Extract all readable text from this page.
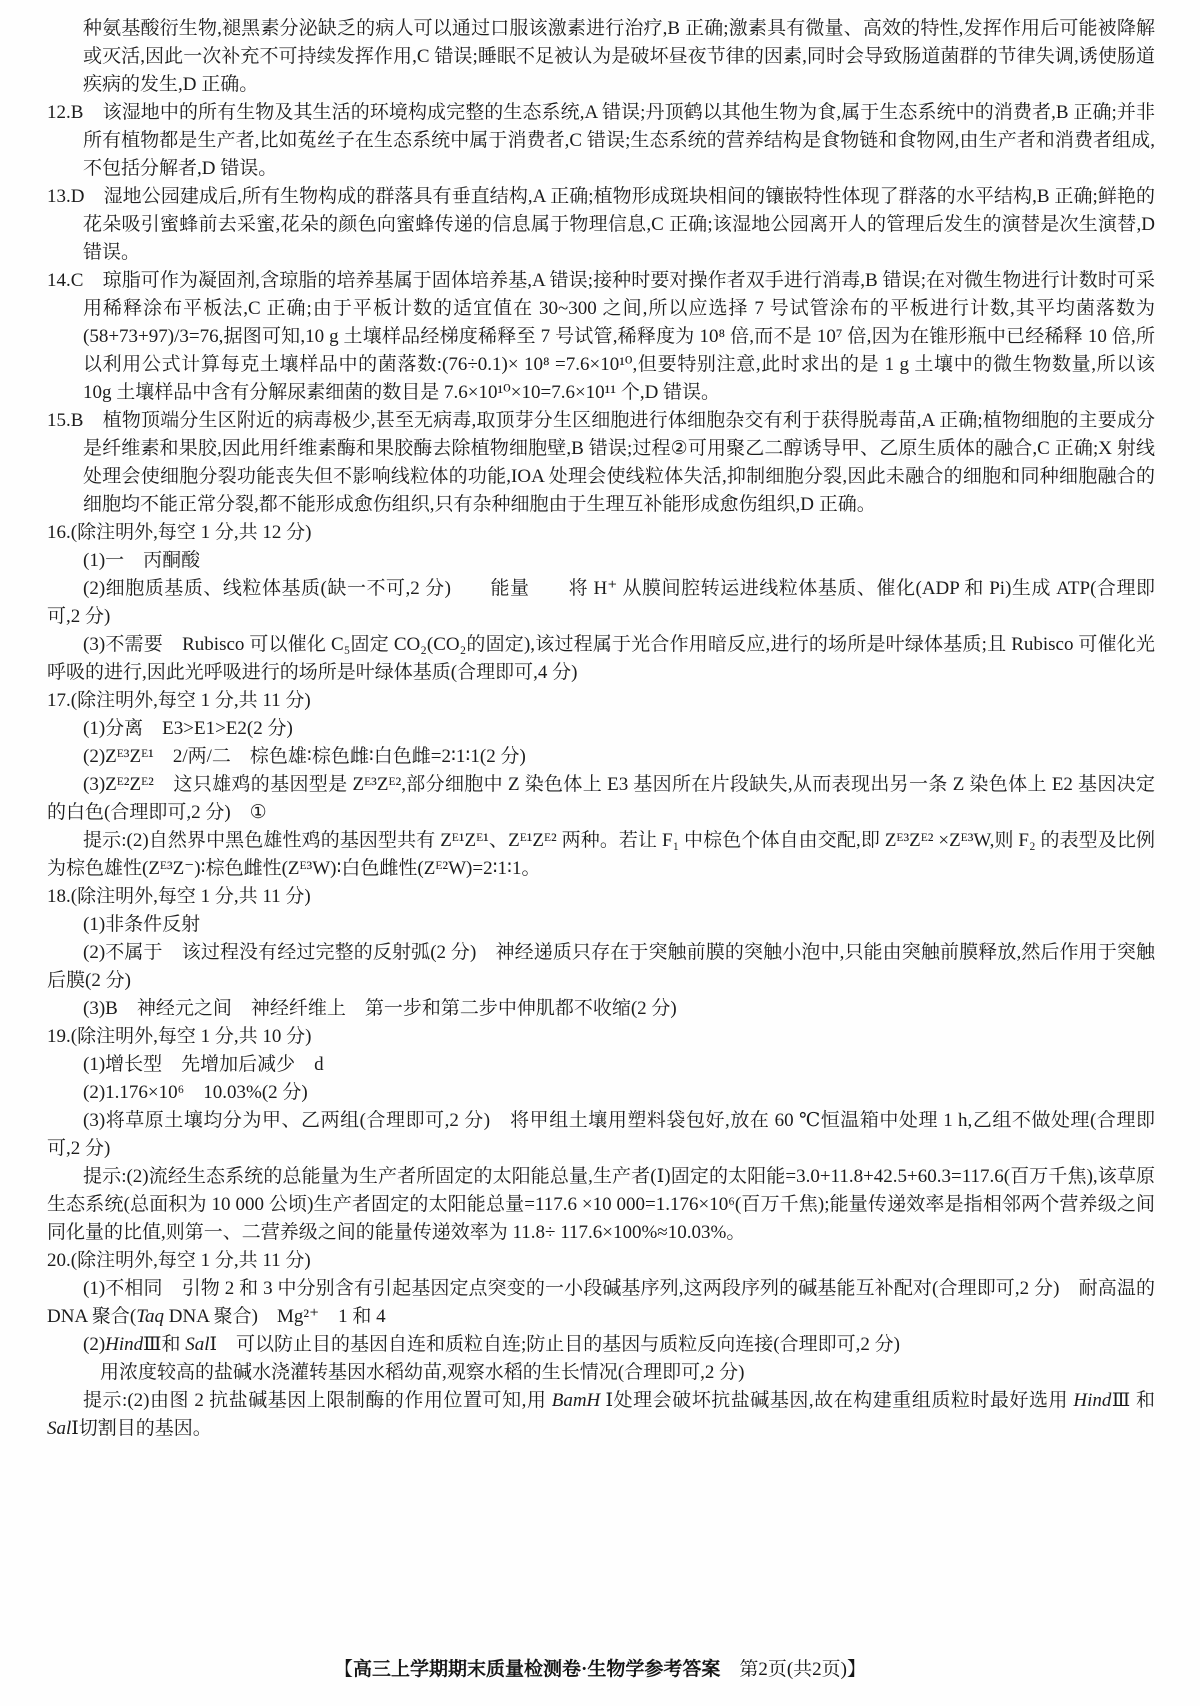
种氨基酸衍生物,褪黑素分泌缺乏的病人可以通过口服该激素进行治疗,B 正确;激素具有微量、高效的特性,发挥作用后可能被降解或灭活,因此一次补充不可持续发挥作用,C 错误;睡眠不足被认为是破坏昼夜节律的因素,同时会导致肠道菌群的节律失调,诱使肠道疾病的发生,D 正确。
12.B　该湿地中的所有生物及其生活的环境构成完整的生态系统,A 错误;丹顶鹤以其他生物为食,属于生态系统中的消费者,B 正确;并非所有植物都是生产者,比如菟丝子在生态系统中属于消费者,C 错误;生态系统的营养结构是食物链和食物网,由生产者和消费者组成,不包括分解者,D 错误。
13.D　湿地公园建成后,所有生物构成的群落具有垂直结构,A 正确;植物形成斑块相间的镶嵌特性体现了群落的水平结构,B 正确;鲜艳的花朵吸引蜜蜂前去采蜜,花朵的颜色向蜜蜂传递的信息属于物理信息,C 正确;该湿地公园离开人的管理后发生的演替是次生演替,D 错误。
14.C　琼脂可作为凝固剂,含琼脂的培养基属于固体培养基,A 错误;接种时要对操作者双手进行消毒,B 错误;在对微生物进行计数时可采用稀释涂布平板法,C 正确;由于平板计数的适宜值在 30~300 之间,所以应选择 7 号试管涂布的平板进行计数,其平均菌落数为(58+73+97)/3=76,据图可知,10 g 土壤样品经梯度稀释至 7 号试管,稀释度为 10⁸ 倍,而不是 10⁷ 倍,因为在锥形瓶中已经稀释 10 倍,所以利用公式计算每克土壤样品中的菌落数:(76÷0.1)× 10⁸ =7.6×10¹⁰,但要特别注意,此时求出的是 1 g 土壤中的微生物数量,所以该 10g 土壤样品中含有分解尿素细菌的数目是 7.6×10¹⁰×10=7.6×10¹¹ 个,D 错误。
15.B　植物顶端分生区附近的病毒极少,甚至无病毒,取顶芽分生区细胞进行体细胞杂交有利于获得脱毒苗,A 正确;植物细胞的主要成分是纤维素和果胶,因此用纤维素酶和果胶酶去除植物细胞壁,B 错误;过程②可用聚乙二醇诱导甲、乙原生质体的融合,C 正确;X 射线处理会使细胞分裂功能丧失但不影响线粒体的功能,IOA 处理会使线粒体失活,抑制细胞分裂,因此未融合的细胞和同种细胞融合的细胞均不能正常分裂,都不能形成愈伤组织,只有杂种细胞由于生理互补能形成愈伤组织,D 正确。
16.(除注明外,每空 1 分,共 12 分)
(1)一　丙酮酸
(2)细胞质基质、线粒体基质(缺一不可,2 分)　　能量　　将 H⁺ 从膜间腔转运进线粒体基质、催化(ADP 和 Pi)生成 ATP(合理即可,2 分)
(3)不需要　Rubisco 可以催化 C₅固定 CO₂(CO₂的固定),该过程属于光合作用暗反应,进行的场所是叶绿体基质;且 Rubisco 可催化光呼吸的进行,因此光呼吸进行的场所是叶绿体基质(合理即可,4 分)
17.(除注明外,每空 1 分,共 11 分)
(1)分离　E3>E1>E2(2 分)
(2)Zᴱ³Zᴱ¹　2/两/二　棕色雄∶棕色雌∶白色雌=2∶1∶1(2 分)
(3)Zᴱ²Zᴱ²　这只雄鸡的基因型是 Zᴱ³Zᴱ²,部分细胞中 Z 染色体上 E3 基因所在片段缺失,从而表现出另一条 Z 染色体上 E2 基因决定的白色(合理即可,2 分)　①
提示:(2)自然界中黑色雄性鸡的基因型共有 Zᴱ¹Zᴱ¹、Zᴱ¹Zᴱ² 两种。若让 F₁ 中棕色个体自由交配,即 Zᴱ³Zᴱ² ×Zᴱ³W,则 F₂ 的表型及比例为棕色雄性(Zᴱ³Z⁻)∶棕色雌性(Zᴱ³W)∶白色雌性(Zᴱ²W)=2∶1∶1。
18.(除注明外,每空 1 分,共 11 分)
(1)非条件反射
(2)不属于　该过程没有经过完整的反射弧(2 分)　神经递质只存在于突触前膜的突触小泡中,只能由突触前膜释放,然后作用于突触后膜(2 分)
(3)B　神经元之间　神经纤维上　第一步和第二步中伸肌都不收缩(2 分)
19.(除注明外,每空 1 分,共 10 分)
(1)增长型　先增加后减少　d
(2)1.176×10⁶　10.03%(2 分)
(3)将草原土壤均分为甲、乙两组(合理即可,2 分)　将甲组土壤用塑料袋包好,放在 60 ℃恒温箱中处理 1 h,乙组不做处理(合理即可,2 分)
提示:(2)流经生态系统的总能量为生产者所固定的太阳能总量,生产者(Ⅰ)固定的太阳能=3.0+11.8+42.5+60.3=117.6(百万千焦),该草原生态系统(总面积为 10 000 公顷)生产者固定的太阳能总量=117.6 ×10 000=1.176×10⁶(百万千焦);能量传递效率是指相邻两个营养级之间同化量的比值,则第一、二营养级之间的能量传递效率为 11.8÷ 117.6×100%≈10.03%。
20.(除注明外,每空 1 分,共 11 分)
(1)不相同　引物 2 和 3 中分别含有引起基因定点突变的一小段碱基序列,这两段序列的碱基能互补配对(合理即可,2 分)　耐高温的 DNA 聚合(Taq DNA 聚合)　Mg²⁺　1 和 4
(2)HindⅢ和 SalⅠ　可以防止目的基因自连和质粒自连;防止目的基因与质粒反向连接(合理即可,2 分)
用浓度较高的盐碱水浇灌转基因水稻幼苗,观察水稻的生长情况(合理即可,2 分)
提示:(2)由图 2 抗盐碱基因上限制酶的作用位置可知,用 BamH Ⅰ处理会破坏抗盐碱基因,故在构建重组质粒时最好选用 HindⅢ 和 SalⅠ切割目的基因。
【高三上学期期末质量检测卷·生物学参考答案　第2页(共2页)】
